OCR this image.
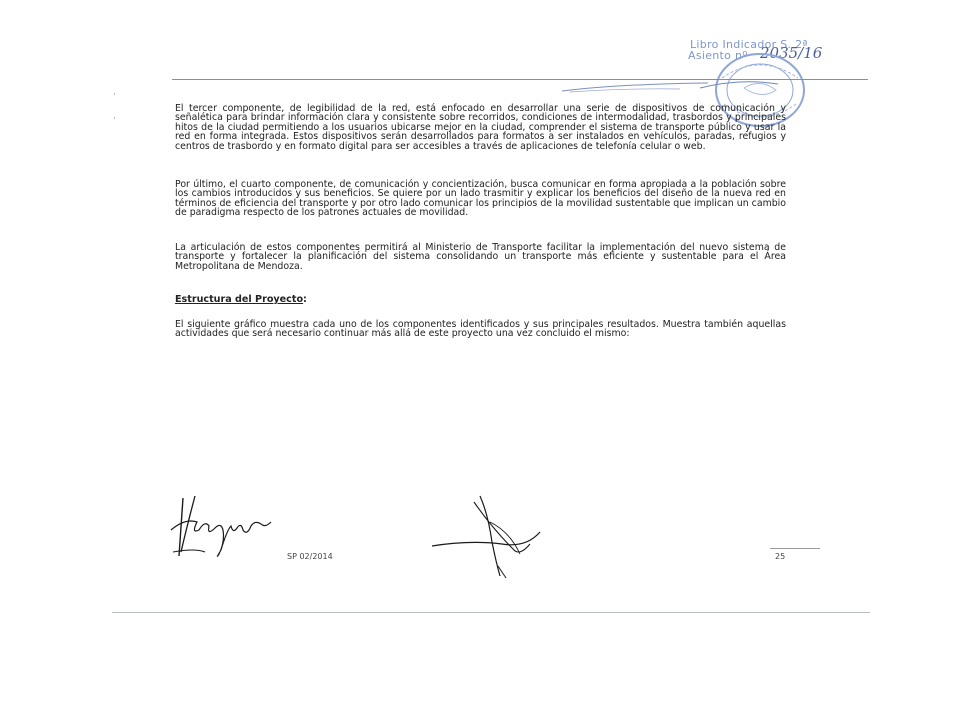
Libro Indicador S. 2ª
Asiento nº 2035/16
·
·

El tercer componente, de legibilidad de la red, está enfocado en desarrollar una serie de dispositivos de comunicación y señalética para brindar información clara y consistente sobre recorridos, condiciones de intermodalidad, trasbordos y principales hitos de la ciudad permitiendo a los usuarios ubicarse mejor en la ciudad, comprender el sistema de transporte público y usar la red en forma integrada. Estos dispositivos serán desarrollados para formatos a ser instalados en vehículos, paradas, refugios y centros de trasbordo y en formato digital para ser accesibles a través de aplicaciones de telefonía celular o web.

Por último, el cuarto componente, de comunicación y concientización, busca comunicar en forma apropiada a la población sobre los cambios introducidos y sus beneficios. Se quiere por un lado trasmitir y explicar los beneficios del diseño de la nueva red en términos de eficiencia del transporte y por otro lado comunicar los principios de la movilidad sustentable que implican un cambio de paradigma respecto de los patrones actuales de movilidad.

La articulación de estos componentes permitirá al Ministerio de Transporte facilitar la implementación del nuevo sistema de transporte y fortalecer la planificación del sistema consolidando un transporte más eficiente y sustentable para el Área Metropolitana de Mendoza.

Estructura del Proyecto:

El siguiente gráfico muestra cada uno de los componentes identificados y sus principales resultados. Muestra también aquellas actividades que será necesario continuar más allá de este proyecto una vez concluido el mismo:

SP 02/2014	25
